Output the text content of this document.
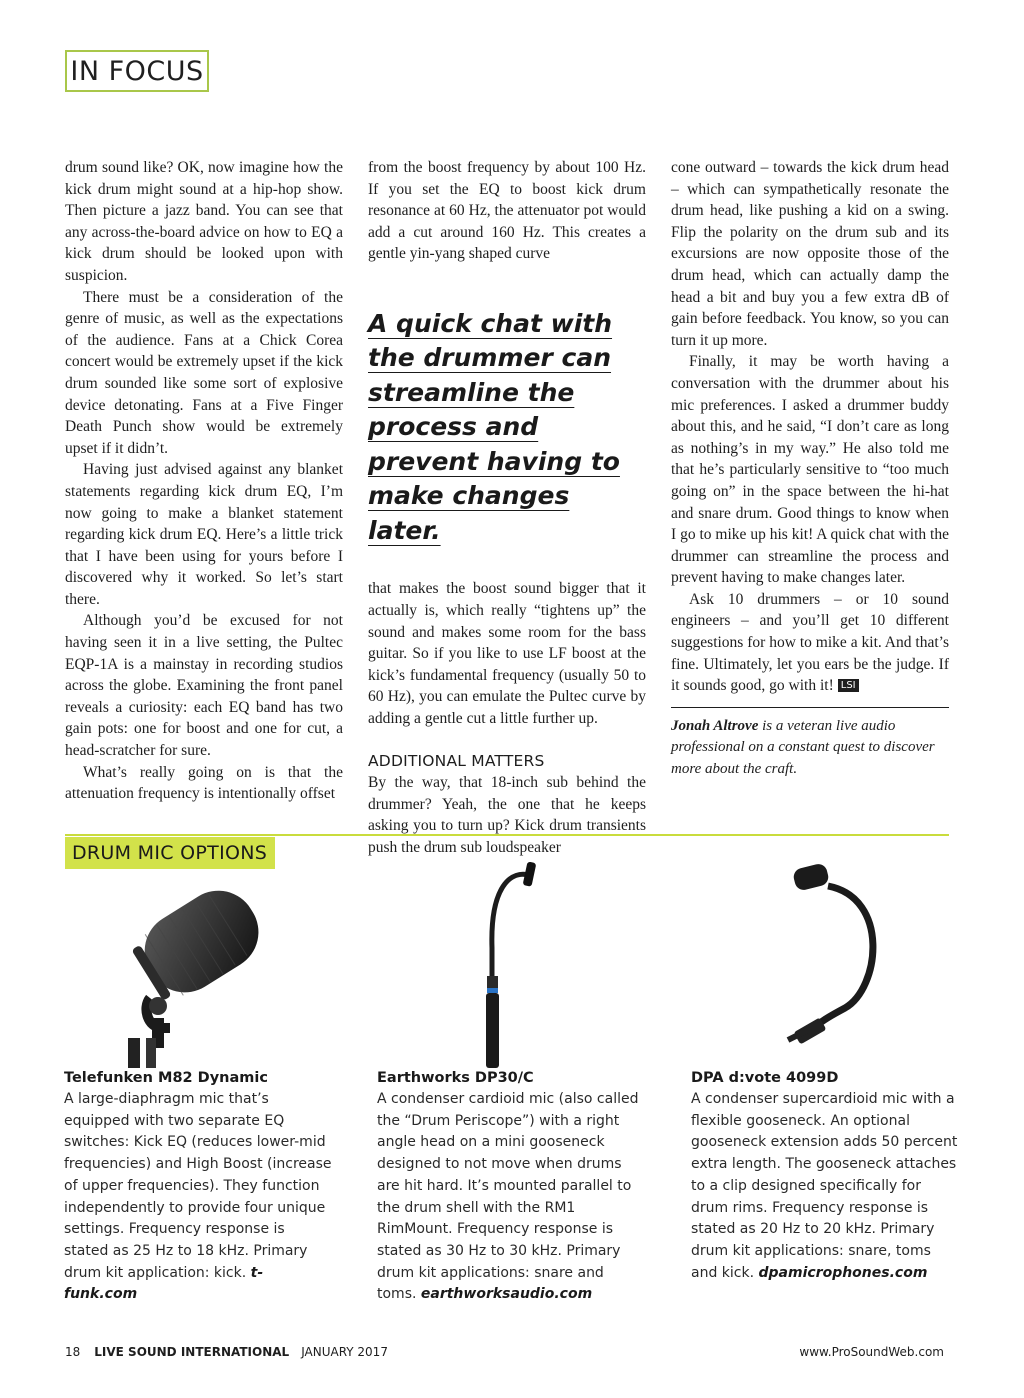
IN FOCUS

drum sound like? OK, now imagine how the kick drum might sound at a hip-hop show. Then picture a jazz band. You can see that any across-the-board advice on how to EQ a kick drum should be looked upon with suspicion.

There must be a consideration of the genre of music, as well as the expectations of the audience. Fans at a Chick Corea concert would be extremely upset if the kick drum sounded like some sort of explosive device detonating. Fans at a Five Finger Death Punch show would be extremely upset if it didn’t.

Having just advised against any blanket statements regarding kick drum EQ, I’m now going to make a blanket statement regarding kick drum EQ. Here’s a little trick that I have been using for yours before I discovered why it worked. So let’s start there.

Although you’d be excused for not having seen it in a live setting, the Pultec EQP-1A is a mainstay in recording studios across the globe. Examining the front panel reveals a curiosity: each EQ band has two gain pots: one for boost and one for cut, a head-scratcher for sure.

What’s really going on is that the attenuation frequency is intentionally offset

from the boost frequency by about 100 Hz. If you set the EQ to boost kick drum resonance at 60 Hz, the attenuator pot would add a cut around 160 Hz. This creates a gentle yin-yang shaped curve

A quick chat with the drummer can streamline the process and prevent having to make changes later.

that makes the boost sound bigger that it actually is, which really “tightens up” the sound and makes some room for the bass guitar. So if you like to use LF boost at the kick’s fundamental frequency (usually 50 to 60 Hz), you can emulate the Pultec curve by adding a gentle cut a little further up.

ADDITIONAL MATTERS

By the way, that 18-inch sub behind the drummer? Yeah, the one that he keeps asking you to turn up? Kick drum transients push the drum sub loudspeaker

cone outward – towards the kick drum head – which can sympathetically resonate the drum head, like pushing a kid on a swing. Flip the polarity on the drum sub and its excursions are now opposite those of the drum head, which can actually damp the head a bit and buy you a few extra dB of gain before feedback. You know, so you can turn it up more.

Finally, it may be worth having a conversation with the drummer about his mic preferences. I asked a drummer buddy about this, and he said, “I don’t care as long as nothing’s in my way.” He also told me that he’s particularly sensitive to “too much going on” in the space between the hi-hat and snare drum. Good things to know when I go to mike up his kit! A quick chat with the drummer can streamline the process and prevent having to make changes later.

Ask 10 drummers – or 10 sound engineers – and you’ll get 10 different suggestions for how to mike a kit. And that’s fine. Ultimately, let you ears be the judge. If it sounds good, go with it! LSI

Jonah Altrove is a veteran live audio professional on a constant quest to discover more about the craft.

DRUM MIC OPTIONS
Telefunken M82 Dynamic

A large-diaphragm mic that’s equipped with two separate EQ switches: Kick EQ (reduces lower-mid frequencies) and High Boost (increase of upper frequencies). They function independently to provide four unique settings. Frequency response is stated as 25 Hz to 18 kHz. Primary drum kit application: kick. t-funk.com

Earthworks DP30/C

A condenser cardioid mic (also called the “Drum Periscope”) with a right angle head on a mini gooseneck designed to not move when drums are hit hard. It’s mounted parallel to the drum shell with the RM1 RimMount. Frequency response is stated as 30 Hz to 30 kHz. Primary drum kit applications: snare and toms. earthworksaudio.com

DPA d:vote 4099D

A condenser supercardioid mic with a flexible gooseneck. An optional gooseneck extension adds 50 percent extra length. The gooseneck attaches to a clip designed specifically for drum rims. Frequency response is stated as 20 Hz to 20 kHz. Primary drum kit applications: snare, toms and kick. dpamicrophones.com

18 LIVE SOUND INTERNATIONAL JANUARY 2017	www.ProSoundWeb.com
